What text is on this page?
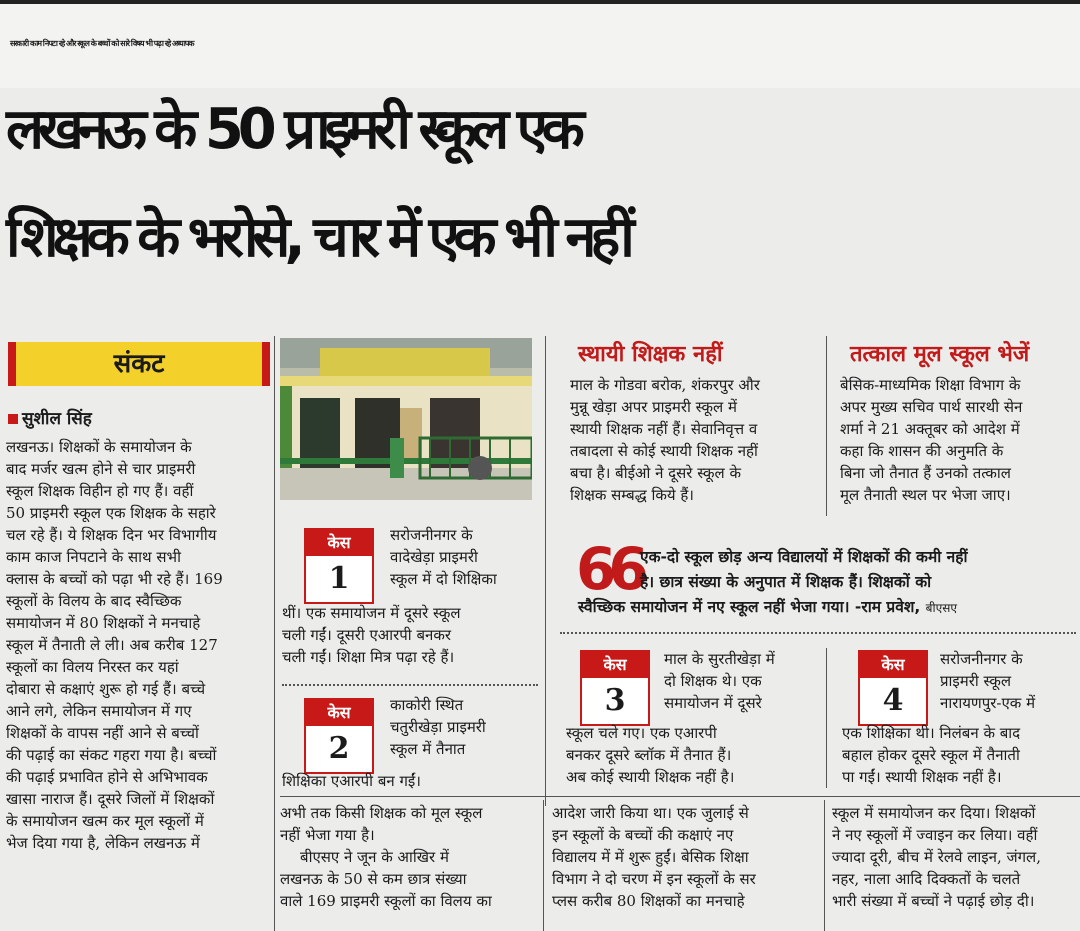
सरकारी काम निपटा रहे और स्कूल के बच्चों को सारे विषय भी पढ़ा रहे अध्यापक
लखनऊ के 50 प्राइमरी स्कूल एक
शिक्षक के भरोसे, चार में एक भी नहीं
संकट
सुशील सिंह
लखनऊ। शिक्षकों के समायोजन के
बाद मर्जर खत्म होने से चार प्राइमरी
स्कूल शिक्षक विहीन हो गए हैं। वहीं
50 प्राइमरी स्कूल एक शिक्षक के सहारे
चल रहे हैं। ये शिक्षक दिन भर विभागीय
काम काज निपटाने के साथ सभी
क्लास के बच्चों को पढ़ा भी रहे हैं। 169
स्कूलों के विलय के बाद स्वैच्छिक
समायोजन में 80 शिक्षकों ने मनचाहे
स्कूल में तैनाती ले ली। अब करीब 127
स्कूलों का विलय निरस्त कर यहां
दोबारा से कक्षाएं शुरू हो गई हैं। बच्चे
आने लगे, लेकिन समायोजन में गए
शिक्षकों के वापस नहीं आने से बच्चों
की पढ़ाई का संकट गहरा गया है। बच्चों
की पढ़ाई प्रभावित होने से अभिभावक
खासा नाराज हैं। दूसरे जिलों में शिक्षकों
के समायोजन खत्म कर मूल स्कूलों में
भेज दिया गया है, लेकिन लखनऊ में
केस
1
सरोजनीनगर के
वादेखेड़ा प्राइमरी
स्कूल में दो शिक्षिका
थीं। एक समायोजन में दूसरे स्कूल
चली गईं। दूसरी एआरपी बनकर
चली गईं। शिक्षा मित्र पढ़ा रहे हैं।
केस
2
काकोरी स्थित
चतुरीखेड़ा प्राइमरी
स्कूल में तैनात
शिक्षिका एआरपी बन गईं।
स्थायी शिक्षक नहीं
माल के गोडवा बरोक, शंकरपुर और
मुन्नू खेड़ा अपर प्राइमरी स्कूल में
स्थायी शिक्षक नहीं हैं। सेवानिवृत्त व
तबादला से कोई स्थायी शिक्षक नहीं
बचा है। बीईओ ने दूसरे स्कूल के
शिक्षक सम्बद्ध किये हैं।
तत्काल मूल स्कूल भेजें
बेसिक-माध्यमिक शिक्षा विभाग के
अपर मुख्य सचिव पार्थ सारथी सेन
शर्मा ने 21 अक्तूबर को आदेश में
कहा कि शासन की अनुमति के
बिना जो तैनात हैं उनको तत्काल
मूल तैनाती स्थल पर भेजा जाए।
66 एक-दो स्कूल छोड़ अन्य विद्यालयों में शिक्षकों की कमी नहीं
है। छात्र संख्या के अनुपात में शिक्षक हैं। शिक्षकों को
स्वैच्छिक समायोजन में नए स्कूल नहीं भेजा गया। -राम प्रवेश, बीएसए
केस
3
माल के सुरतीखेड़ा में
दो शिक्षक थे। एक
समायोजन में दूसरे
स्कूल चले गए। एक एआरपी
बनकर दूसरे ब्लॉक में तैनात हैं।
अब कोई स्थायी शिक्षक नहीं है।
केस
4
सरोजनीनगर के
प्राइमरी स्कूल
नारायणपुर-एक में
एक शिक्षिका थी। निलंबन के बाद
बहाल होकर दूसरे स्कूल में तैनाती
पा गईं। स्थायी शिक्षक नहीं है।
अभी तक किसी शिक्षक को मूल स्कूल
नहीं भेजा गया है।
बीएसए ने जून के आखिर में
लखनऊ के 50 से कम छात्र संख्या
वाले 169 प्राइमरी स्कूलों का विलय का
आदेश जारी किया था। एक जुलाई से
इन स्कूलों के बच्चों की कक्षाएं नए
विद्यालय में में शुरू हुईं। बेसिक शिक्षा
विभाग ने दो चरण में इन स्कूलों के सर
प्लस करीब 80 शिक्षकों का मनचाहे
स्कूल में समायोजन कर दिया। शिक्षकों
ने नए स्कूलों में ज्वाइन कर लिया। वहीं
ज्यादा दूरी, बीच में रेलवे लाइन, जंगल,
नहर, नाला आदि दिक्कतों के चलते
भारी संख्या में बच्चों ने पढ़ाई छोड़ दी।
